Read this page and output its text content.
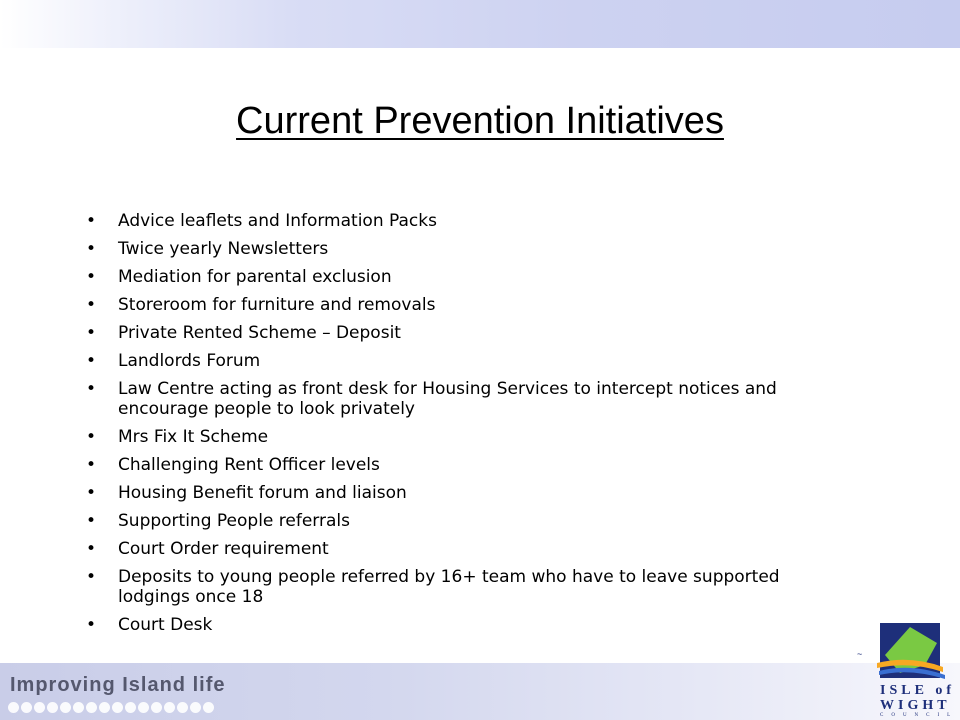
Current Prevention Initiatives
• Advice leaflets and Information Packs
• Twice yearly Newsletters
• Mediation for parental exclusion
• Storeroom for furniture and removals
• Private Rented Scheme – Deposit
• Landlords Forum
• Law Centre acting as front desk for Housing Services to intercept notices and encourage people to look privately
• Mrs Fix It Scheme
• Challenging Rent Officer levels
• Housing Benefit forum and liaison
• Supporting People referrals
• Court Order requirement
• Deposits to young people referred by 16+ team who have to leave supported lodgings once 18
• Court Desk
Improving Island life
~
ISLE of
WIGHT
COUNCIL
